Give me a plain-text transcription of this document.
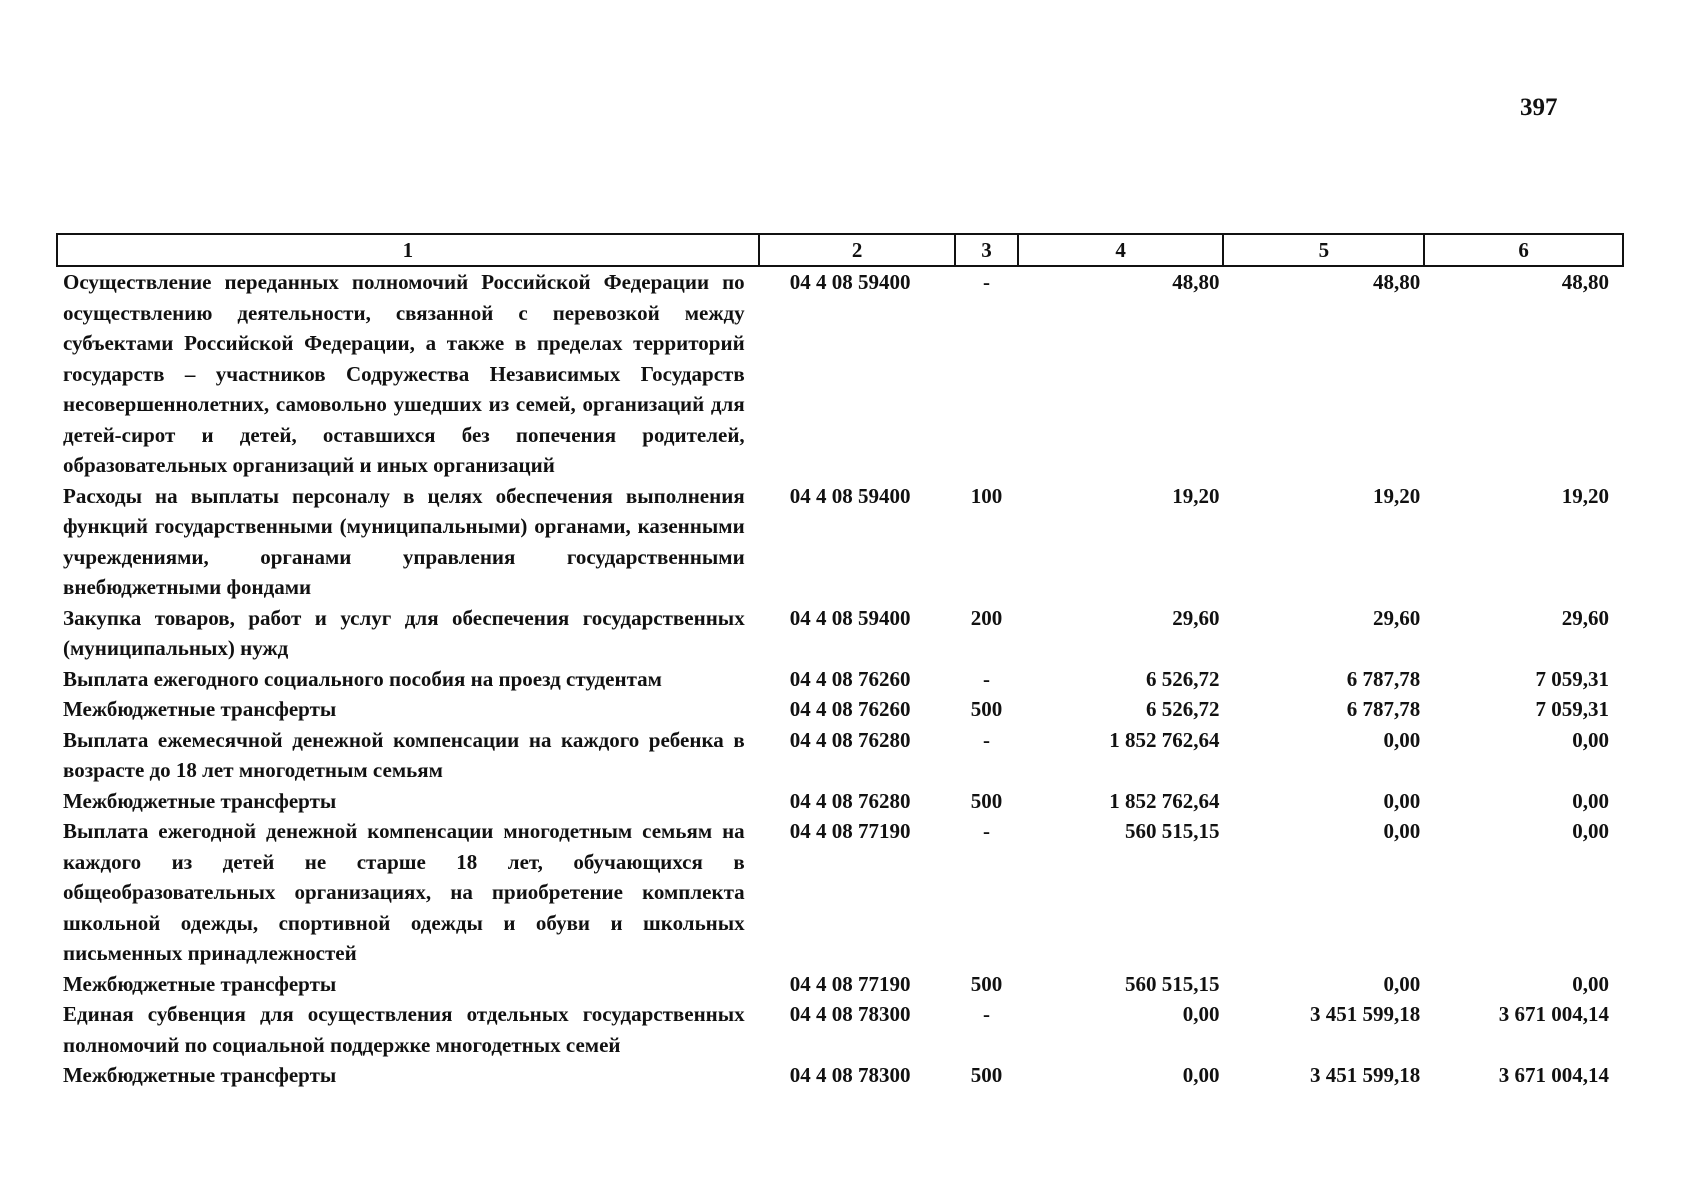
397
1	2	3	4	5	6
Осуществление переданных полномочий Российской Федерации по осуществлению деятельности, связанной с перевозкой между субъектами Российской Федерации, а также в пределах территорий государств – участников Содружества Независимых Государств несовершеннолетних, самовольно ушедших из семей, организаций для детей-сирот и детей, оставшихся без попечения родителей, образовательных организаций и иных организаций	04 4 08 59400	-	48,80	48,80	48,80
Расходы на выплаты персоналу в целях обеспечения выполнения функций государственными (муниципальными) органами, казенными учреждениями, органами управления государственными внебюджетными фондами	04 4 08 59400	100	19,20	19,20	19,20
Закупка товаров, работ и услуг для обеспечения государственных (муниципальных) нужд	04 4 08 59400	200	29,60	29,60	29,60
Выплата ежегодного социального пособия на проезд студентам	04 4 08 76260	-	6 526,72	6 787,78	7 059,31
Межбюджетные трансферты	04 4 08 76260	500	6 526,72	6 787,78	7 059,31
Выплата ежемесячной денежной компенсации на каждого ребенка в возрасте до 18 лет многодетным семьям	04 4 08 76280	-	1 852 762,64	0,00	0,00
Межбюджетные трансферты	04 4 08 76280	500	1 852 762,64	0,00	0,00
Выплата ежегодной денежной компенсации многодетным семьям на каждого из детей не старше 18 лет, обучающихся в общеобразовательных организациях, на приобретение комплекта школьной одежды, спортивной одежды и обуви и школьных письменных принадлежностей	04 4 08 77190	-	560 515,15	0,00	0,00
Межбюджетные трансферты	04 4 08 77190	500	560 515,15	0,00	0,00
Единая субвенция для осуществления отдельных государственных полномочий по социальной поддержке многодетных семей	04 4 08 78300	-	0,00	3 451 599,18	3 671 004,14
Межбюджетные трансферты	04 4 08 78300	500	0,00	3 451 599,18	3 671 004,14
